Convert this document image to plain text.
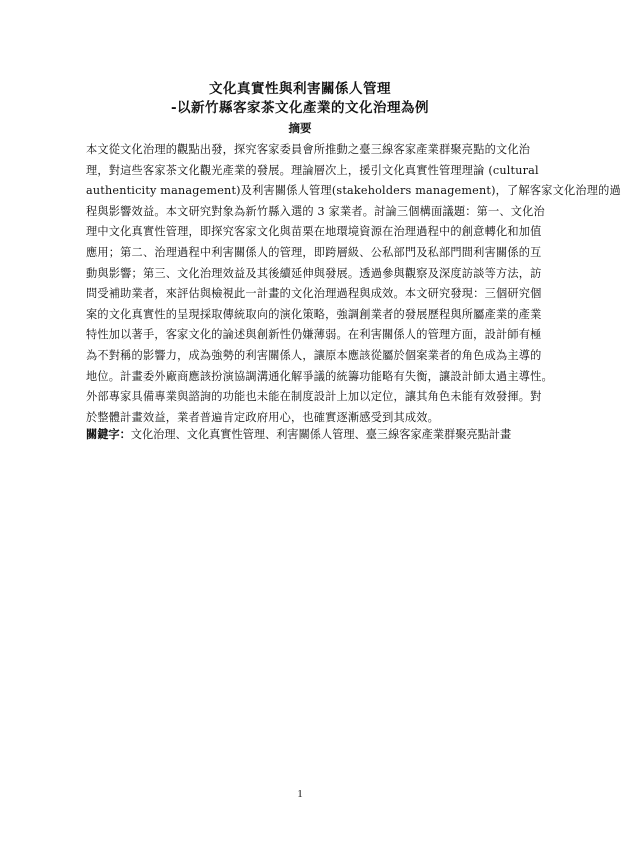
文化真實性與利害關係人管理
-以新竹縣客家茶文化產業的文化治理為例
摘要
本文從文化治理的觀點出發，探究客家委員會所推動之臺三線客家產業群聚亮點的文化治
理，對這些客家茶文化觀光產業的發展。理論層次上，援引文化真實性管理理論 (cultural
authenticity management)及利害關係人管理(stakeholders management)，了解客家文化治理的過
程與影響效益。本文研究對象為新竹縣入選的 3 家業者。討論三個構面議題：第一、文化治
理中文化真實性管理，即探究客家文化與苗栗在地環境資源在治理過程中的創意轉化和加值
應用；第二、治理過程中利害關係人的管理，即跨層級、公私部門及私部門間利害關係的互
動與影響；第三、文化治理效益及其後續延伸與發展。透過參與觀察及深度訪談等方法，訪
問受補助業者，來評估與檢視此一計畫的文化治理過程與成效。本文研究發現：三個研究個
案的文化真實性的呈現採取傳統取向的演化策略，強調創業者的發展歷程與所屬產業的產業
特性加以著手，客家文化的論述與創新性仍嫌薄弱。在利害關係人的管理方面，設計師有極
為不對稱的影響力，成為強勢的利害關係人，讓原本應該從屬於個案業者的角色成為主導的
地位。計畫委外廠商應該扮演協調溝通化解爭議的統籌功能略有失衡，讓設計師太過主導性。
外部專家具備專業與諮詢的功能也未能在制度設計上加以定位，讓其角色未能有效發揮。對
於整體計畫效益，業者普遍肯定政府用心，也確實逐漸感受到其成效。
關鍵字：文化治理、文化真實性管理、利害關係人管理、臺三線客家產業群聚亮點計畫
1
